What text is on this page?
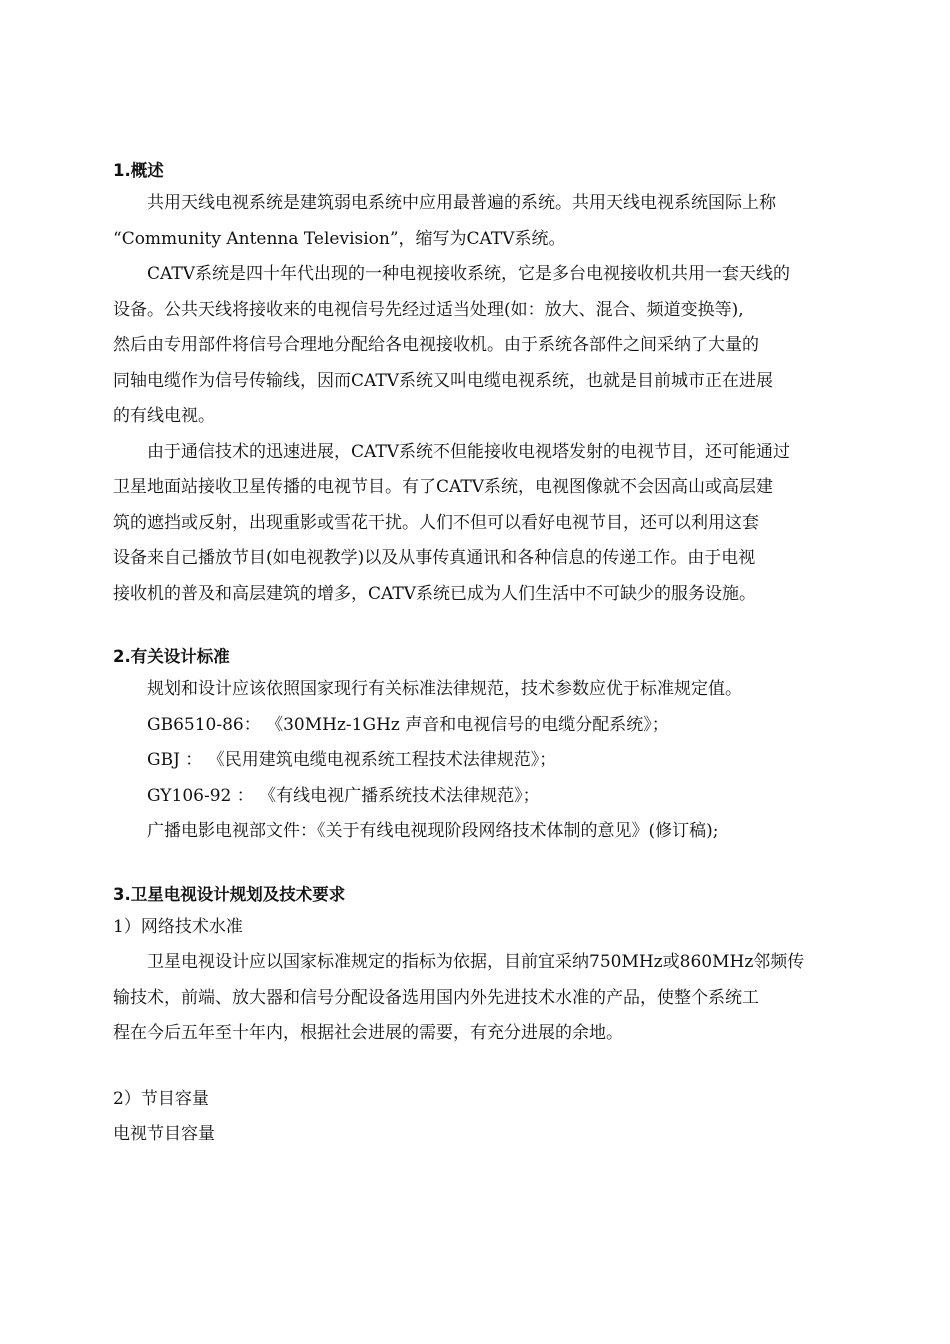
1.概述
共用天线电视系统是建筑弱电系统中应用最普遍的系统。共用天线电视系统国际上称
“Community Antenna Television”，缩写为CATV系统。
CATV系统是四十年代出现的一种电视接收系统，它是多台电视接收机共用一套天线的
设备。公共天线将接收来的电视信号先经过适当处理(如：放大、混合、频道变换等),
然后由专用部件将信号合理地分配给各电视接收机。由于系统各部件之间采纳了大量的
同轴电缆作为信号传输线，因而CATV系统又叫电缆电视系统，也就是目前城市正在进展
的有线电视。
由于通信技术的迅速进展，CATV系统不但能接收电视塔发射的电视节目，还可能通过
卫星地面站接收卫星传播的电视节目。有了CATV系统，电视图像就不会因高山或高层建
筑的遮挡或反射，出现重影或雪花干扰。人们不但可以看好电视节目，还可以利用这套
设备来自己播放节目(如电视教学)以及从事传真通讯和各种信息的传递工作。由于电视
接收机的普及和高层建筑的增多，CATV系统已成为人们生活中不可缺少的服务设施。
2.有关设计标准
规划和设计应该依照国家现行有关标准法律规范，技术参数应优于标准规定值。
GB6510-86： 《30MHz-1GHz 声音和电视信号的电缆分配系统》；
GBJ ： 《民用建筑电缆电视系统工程技术法律规范》；
GY106-92 ： 《有线电视广播系统技术法律规范》；
广播电影电视部文件：《关于有线电视现阶段网络技术体制的意见》(修订稿);
3.卫星电视设计规划及技术要求
1）网络技术水准
卫星电视设计应以国家标准规定的指标为依据，目前宜采纳750MHz或860MHz邻频传
输技术，前端、放大器和信号分配设备选用国内外先进技术水准的产品，使整个系统工
程在今后五年至十年内，根据社会进展的需要，有充分进展的余地。
2）节目容量
电视节目容量
